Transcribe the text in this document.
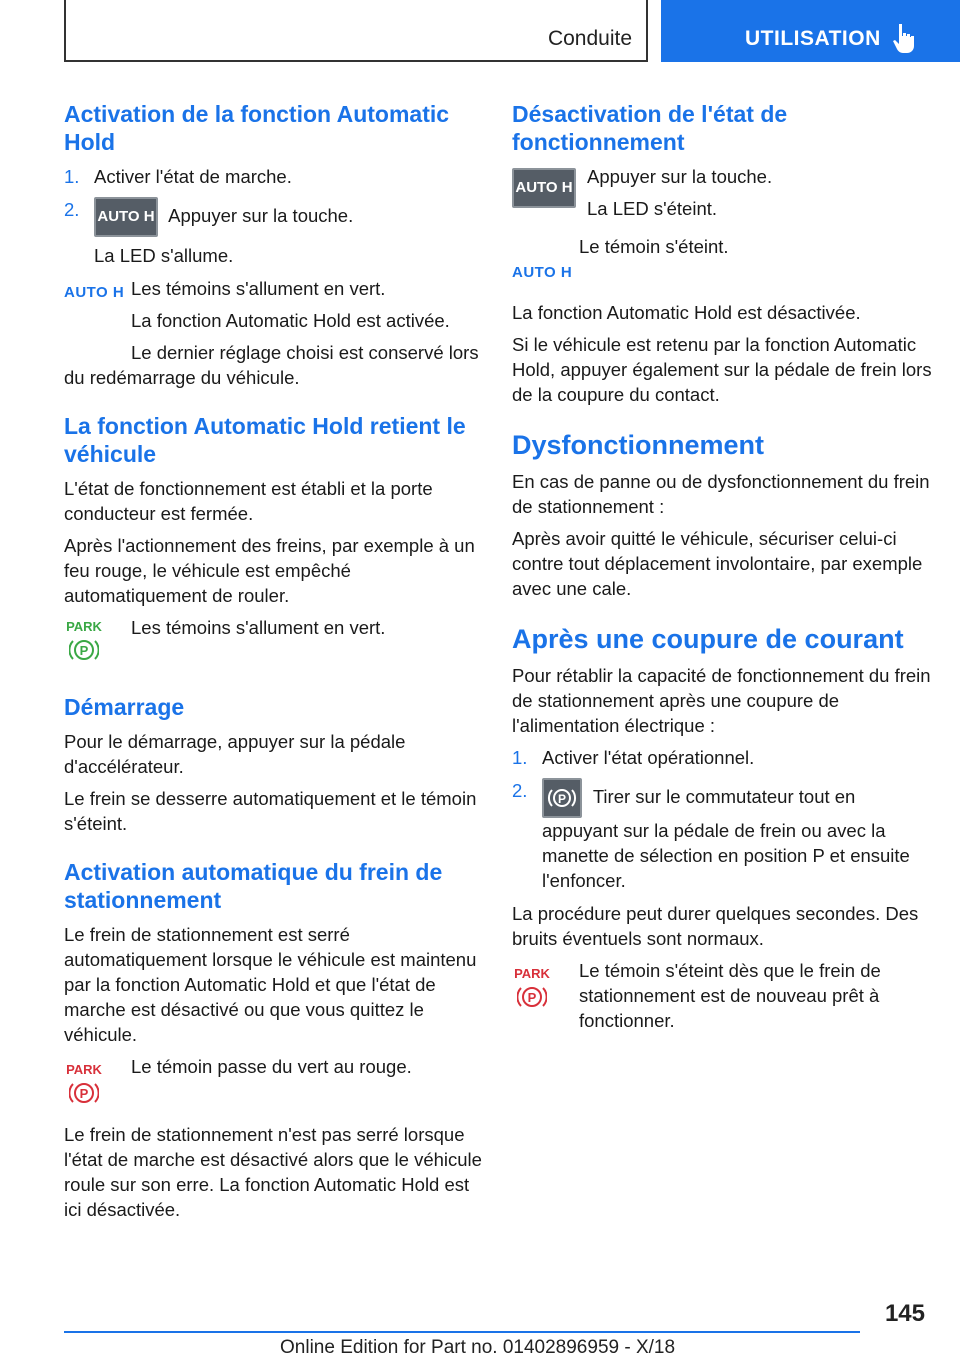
Conduite	UTILISATION
Activation de la fonction Automatic Hold
1. Activer l'état de marche.
2. AUTO H Appuyer sur la touche.
La LED s'allume.
AUTO H Les témoins s'allument en vert.

La fonction Automatic Hold est activée.

Le dernier réglage choisi est conservé lors du redémarrage du véhicule.

La fonction Automatic Hold retient le véhicule

L'état de fonctionnement est établi et la porte conducteur est fermée.

Après l'actionnement des freins, par exemple à un feu rouge, le véhicule est empêché automatiquement de rouler.

PARK
P

Les témoins s'allument en vert.

Démarrage

Pour le démarrage, appuyer sur la pédale d'accélérateur.

Le frein se desserre automatiquement et le témoin s'éteint.

Activation automatique du frein de stationnement

Le frein de stationnement est serré automatiquement lorsque le véhicule est maintenu par la fonction Automatic Hold et que l'état de marche est désactivé ou que vous quittez le véhicule.

PARK
P

Le témoin passe du vert au rouge.

Le frein de stationnement n'est pas serré lorsque l'état de marche est désactivé alors que le véhicule roule sur son erre. La fonction Automatic Hold est ici désactivée.

Désactivation de l'état de fonctionnement
AUTO H

Appuyer sur la touche.

La LED s'éteint.

AUTO H

Le témoin s'éteint.

La fonction Automatic Hold est désactivée.

Si le véhicule est retenu par la fonction Automatic Hold, appuyer également sur la pédale de frein lors de la coupure du contact.

Dysfonctionnement

En cas de panne ou de dysfonctionnement du frein de stationnement :

Après avoir quitté le véhicule, sécuriser celui-ci contre tout déplacement involontaire, par exemple avec une cale.

Après une coupure de courant

Pour rétablir la capacité de fonctionnement du frein de stationnement après une coupure de l'alimentation électrique :

1. Activer l'état opérationnel.
2.	P Tirer sur le commutateur tout en appuyant sur la pédale de frein ou avec la manette de sélection en position P et ensuite l'enfoncer.

La procédure peut durer quelques secondes. Des bruits éventuels sont normaux.

PARK
P

Le témoin s'éteint dès que le frein de stationnement est de nouveau prêt à fonctionner.

145
Online Edition for Part no. 01402896959 - X/18
